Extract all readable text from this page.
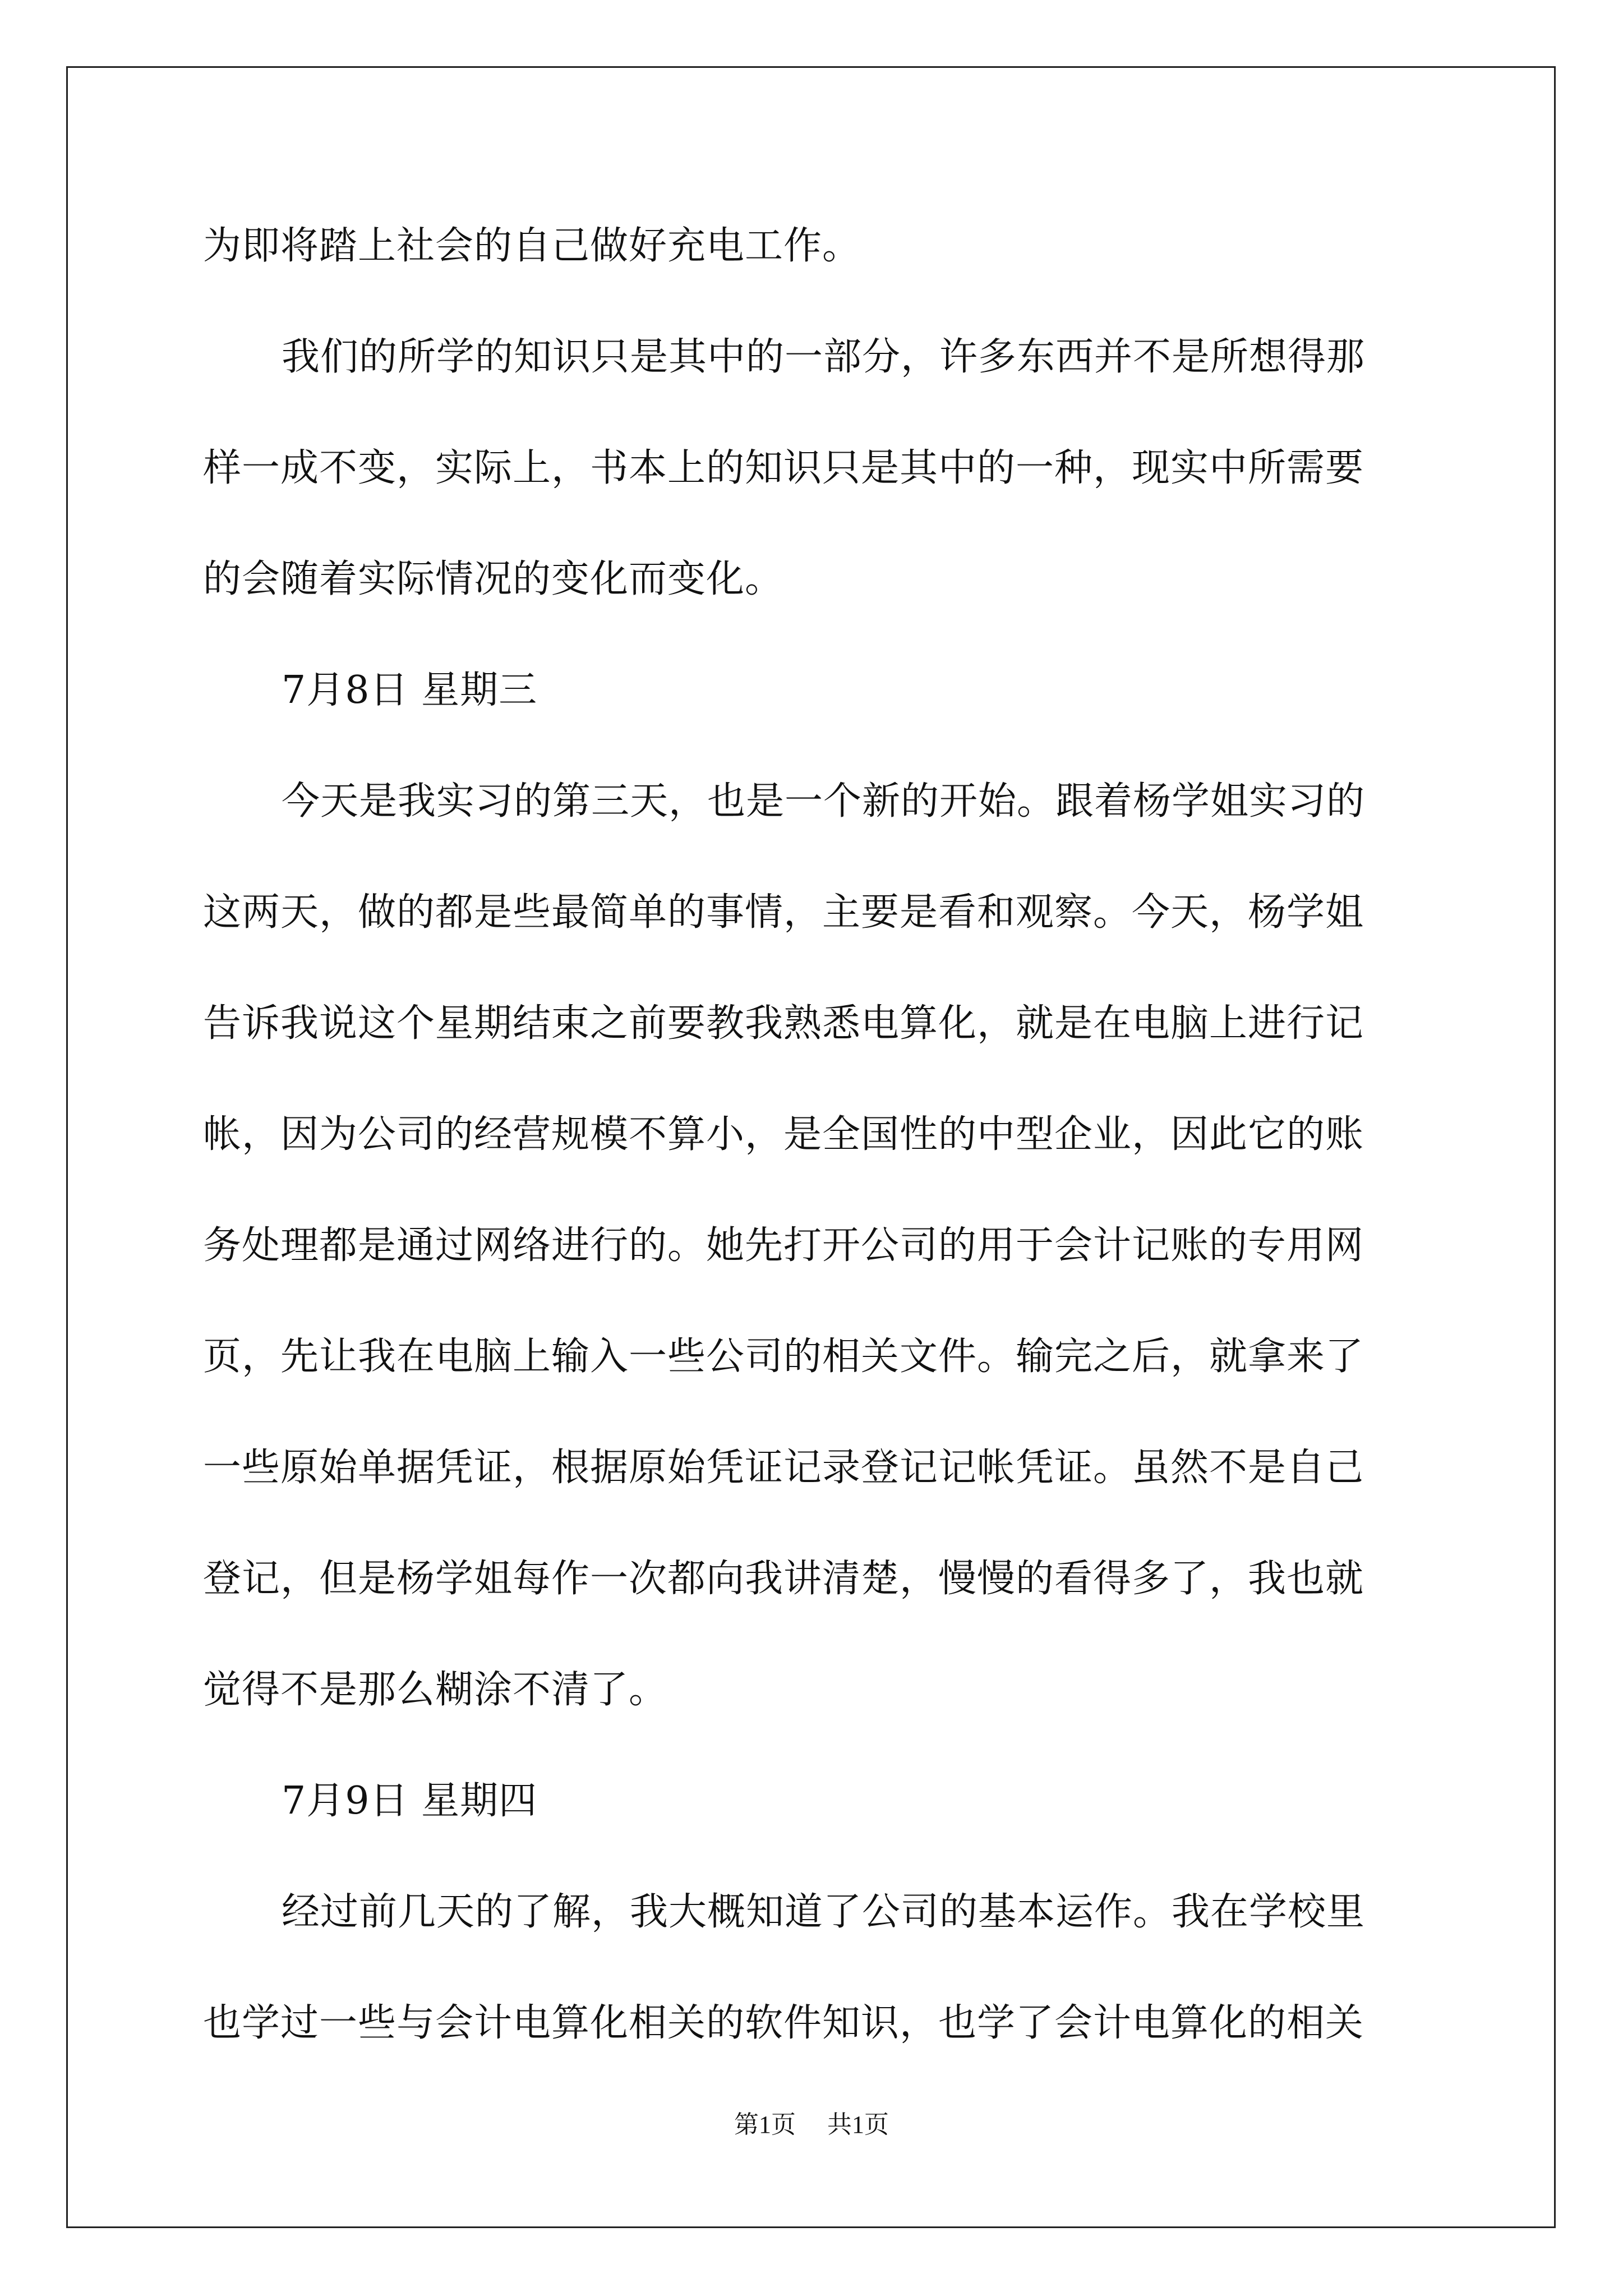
为即将踏上社会的自己做好充电工作。

我们的所学的知识只是其中的一部分，许多东西并不是所想得那

样一成不变，实际上，书本上的知识只是其中的一种，现实中所需要

的会随着实际情况的变化而变化。

7月8日 星期三

今天是我实习的第三天，也是一个新的开始。跟着杨学姐实习的

这两天，做的都是些最简单的事情，主要是看和观察。今天，杨学姐

告诉我说这个星期结束之前要教我熟悉电算化，就是在电脑上进行记

帐，因为公司的经营规模不算小，是全国性的中型企业，因此它的账

务处理都是通过网络进行的。她先打开公司的用于会计记账的专用网

页，先让我在电脑上输入一些公司的相关文件。输完之后，就拿来了

一些原始单据凭证，根据原始凭证记录登记记帐凭证。虽然不是自己

登记，但是杨学姐每作一次都向我讲清楚，慢慢的看得多了，我也就

觉得不是那么糊涂不清了。

7月9日 星期四

经过前几天的了解，我大概知道了公司的基本运作。我在学校里

也学过一些与会计电算化相关的软件知识，也学了会计电算化的相关

第1页 共1页
